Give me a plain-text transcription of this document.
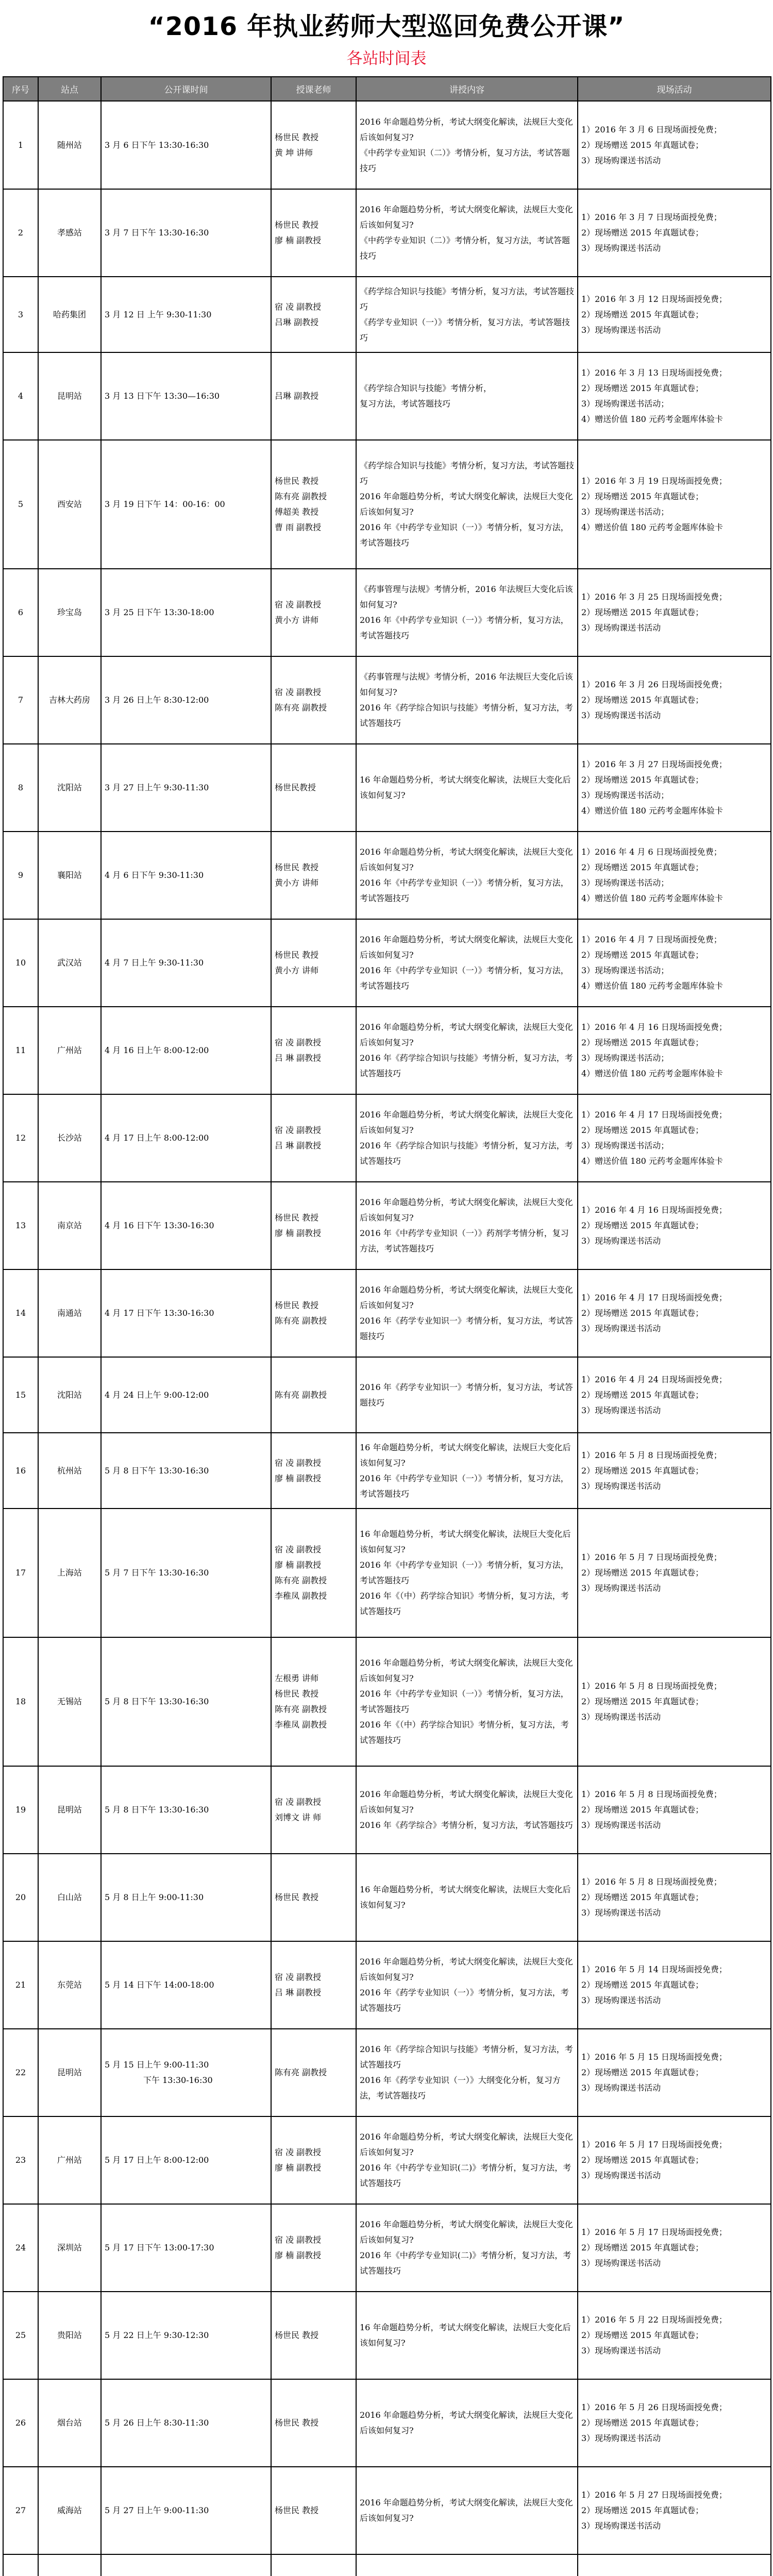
“2016 年执业药师大型巡回免费公开课”
各站时间表
序号	站点	公开课时间	授课老师	讲授内容	现场活动
1	随州站	3 月 6 日下午 13:30-16:30	杨世民 教授
黄 坤 讲师	2016 年命题趋势分析，考试大纲变化解读，法规巨大变化后该如何复习?
《中药学专业知识（二）》考情分析，复习方法，考试答题技巧	1）2016 年 3 月 6 日现场面授免费；
2）现场赠送 2015 年真题试卷；
3）现场购课送书活动

2	孝感站	3 月 7 日下午 13:30-16:30	杨世民 教授
廖 楠 副教授	2016 年命题趋势分析，考试大纲变化解读，法规巨大变化后该如何复习?
《中药学专业知识（二）》考情分析，复习方法，考试答题技巧	1）2016 年 3 月 7 日现场面授免费；
2）现场赠送 2015 年真题试卷；
3）现场购课送书活动

3	哈药集团	3 月 12 日 上午 9:30-11:30	宿 凌 副教授
吕琳 副教授	《药学综合知识与技能》考情分析，复习方法，考试答题技巧
《药学专业知识（一）》考情分析，复习方法，考试答题技巧	1）2016 年 3 月 12 日现场面授免费；
2）现场赠送 2015 年真题试卷；
3）现场购课送书活动

4	昆明站	3 月 13 日下午 13:30—16:30	吕琳 副教授	《药学综合知识与技能》考情分析，
复习方法，考试答题技巧	1）2016 年 3 月 13 日现场面授免费；
2）现场赠送 2015 年真题试卷；
3）现场购课送书活动；
4）赠送价值 180 元药考金题库体验卡

5	西安站	3 月 19 日下午 14：00-16：00	杨世民 教授
陈有亮 副教授
傅超美 教授
曹 雨 副教授	《药学综合知识与技能》考情分析，复习方法，考试答题技巧
2016 年命题趋势分析，考试大纲变化解读，法规巨大变化后该如何复习?
2016 年《中药学专业知识（一）》考情分析，复习方法，考试答题技巧	1）2016 年 3 月 19 日现场面授免费；
2）现场赠送 2015 年真题试卷；
3）现场购课送书活动；
4）赠送价值 180 元药考金题库体验卡

6	珍宝岛	3 月 25 日下午 13:30-18:00	宿 凌 副教授
黄小方 讲师	《药事管理与法规》考情分析，2016 年法规巨大变化后该如何复习?
2016 年《中药学专业知识（一）》考情分析，复习方法，考试答题技巧	1）2016 年 3 月 25 日现场面授免费；
2）现场赠送 2015 年真题试卷；
3）现场购课送书活动

7	吉林大药房	3 月 26 日上午 8:30-12:00	宿 凌 副教授
陈有亮 副教授	《药事管理与法规》考情分析，2016 年法规巨大变化后该如何复习?
2016 年《药学综合知识与技能》考情分析，复习方法，考试答题技巧	1）2016 年 3 月 26 日现场面授免费；
2）现场赠送 2015 年真题试卷；
3）现场购课送书活动

8	沈阳站	3 月 27 日上午 9:30-11:30	杨世民教授	16 年命题趋势分析，考试大纲变化解读，法规巨大变化后该如何复习?	1）2016 年 3 月 27 日现场面授免费；
2）现场赠送 2015 年真题试卷；
3）现场购课送书活动；
4）赠送价值 180 元药考金题库体验卡

9	襄阳站	4 月 6 日下午 9:30-11:30	杨世民 教授
黄小方 讲师	2016 年命题趋势分析，考试大纲变化解读，法规巨大变化后该如何复习?
2016 年《中药学专业知识（一）》考情分析，复习方法，考试答题技巧	1）2016 年 4 月 6 日现场面授免费；
2）现场赠送 2015 年真题试卷；
3）现场购课送书活动；
4）赠送价值 180 元药考金题库体验卡

10	武汉站	4 月 7 日上午 9:30-11:30	杨世民 教授
黄小方 讲师	2016 年命题趋势分析，考试大纲变化解读，法规巨大变化后该如何复习?
2016 年《中药学专业知识（一）》考情分析，复习方法，考试答题技巧	1）2016 年 4 月 7 日现场面授免费；
2）现场赠送 2015 年真题试卷；
3）现场购课送书活动；
4）赠送价值 180 元药考金题库体验卡

11	广州站	4 月 16 日上午 8:00-12:00	宿 凌 副教授
吕 琳 副教授	2016 年命题趋势分析，考试大纲变化解读，法规巨大变化后该如何复习?
2016 年《药学综合知识与技能》考情分析，复习方法，考试答题技巧	1）2016 年 4 月 16 日现场面授免费；
2）现场赠送 2015 年真题试卷；
3）现场购课送书活动；
4）赠送价值 180 元药考金题库体验卡

12	长沙站	4 月 17 日上午 8:00-12:00	宿 凌 副教授
吕 琳 副教授	2016 年命题趋势分析，考试大纲变化解读，法规巨大变化后该如何复习?
2016 年《药学综合知识与技能》考情分析，复习方法，考试答题技巧	1）2016 年 4 月 17 日现场面授免费；
2）现场赠送 2015 年真题试卷；
3）现场购课送书活动；
4）赠送价值 180 元药考金题库体验卡

13	南京站	4 月 16 日下午 13:30-16:30	杨世民 教授
廖 楠 副教授	2016 年命题趋势分析，考试大纲变化解读，法规巨大变化后该如何复习?
2016 年《中药学专业知识（一）》药剂学考情分析，复习方法，考试答题技巧	1）2016 年 4 月 16 日现场面授免费；
2）现场赠送 2015 年真题试卷；
3）现场购课送书活动

14	南通站	4 月 17 日下午 13:30-16:30	杨世民 教授
陈有亮 副教授	2016 年命题趋势分析，考试大纲变化解读，法规巨大变化后该如何复习?
2016 年《药学专业知识一》考情分析，复习方法，考试答题技巧	1）2016 年 4 月 17 日现场面授免费；
2）现场赠送 2015 年真题试卷；
3）现场购课送书活动

15	沈阳站	4 月 24 日上午 9:00-12:00	陈有亮 副教授	2016 年《药学专业知识一》考情分析，复习方法，考试答题技巧	1）2016 年 4 月 24 日现场面授免费；
2）现场赠送 2015 年真题试卷；
3）现场购课送书活动

16	杭州站	5 月 8 日下午 13:30-16:30	宿 凌 副教授
廖 楠 副教授	16 年命题趋势分析，考试大纲变化解读，法规巨大变化后该如何复习?
2016 年《中药学专业知识（一）》考情分析，复习方法，考试答题技巧	1）2016 年 5 月 8 日现场面授免费；
2）现场赠送 2015 年真题试卷；
3）现场购课送书活动

17	上海站	5 月 7 日下午 13:30-16:30	宿 凌 副教授
廖 楠 副教授
陈有亮 副教授
李稚凤 副教授	16 年命题趋势分析，考试大纲变化解读，法规巨大变化后该如何复习?
2016 年《中药学专业知识（一）》考情分析，复习方法，考试答题技巧
2016 年《（中）药学综合知识》考情分析，复习方法，考试答题技巧	1）2016 年 5 月 7 日现场面授免费；
2）现场赠送 2015 年真题试卷；
3）现场购课送书活动

18	无锡站	5 月 8 日下午 13:30-16:30	左根勇 讲师
杨世民 教授
陈有亮 副教授
李稚凤 副教授	2016 年命题趋势分析，考试大纲变化解读，法规巨大变化后该如何复习?
2016 年《中药学专业知识（一）》考情分析，复习方法，考试答题技巧
2016 年《（中）药学综合知识》考情分析，复习方法，考试答题技巧	1）2016 年 5 月 8 日现场面授免费；
2）现场赠送 2015 年真题试卷；
3）现场购课送书活动

19	昆明站	5 月 8 日下午 13:30-16:30	宿 凌 副教授
刘博文 讲 师	2016 年命题趋势分析，考试大纲变化解读，法规巨大变化后该如何复习?
2016 年《药学综合》考情分析，复习方法，考试答题技巧	1）2016 年 5 月 8 日现场面授免费；
2）现场赠送 2015 年真题试卷；
3）现场购课送书活动

20	白山站	5 月 8 日上午 9:00-11:30	杨世民 教授	16 年命题趋势分析，考试大纲变化解读，法规巨大变化后该如何复习?	1）2016 年 5 月 8 日现场面授免费；
2）现场赠送 2015 年真题试卷；
3）现场购课送书活动

21	东莞站	5 月 14 日下午 14:00-18:00	宿 凌 副教授
吕 琳 副教授	2016 年命题趋势分析，考试大纲变化解读，法规巨大变化后该如何复习?
2016 年《药学专业知识（一）》考情分析，复习方法，考试答题技巧	1）2016 年 5 月 14 日现场面授免费；
2）现场赠送 2015 年真题试卷；
3）现场购课送书活动

22	昆明站	5 月 15 日上午 9:00-11:30
下午 13:30-16:30	陈有亮 副教授	2016 年《药学综合知识与技能》考情分析，复习方法，考试答题技巧
2016 年《药学专业知识（一）》大纲变化分析，复习方法，考试答题技巧	1）2016 年 5 月 15 日现场面授免费；
2）现场赠送 2015 年真题试卷；
3）现场购课送书活动

23	广州站	5 月 17 日上午 8:00-12:00	宿 凌 副教授
廖 楠 副教授	2016 年命题趋势分析，考试大纲变化解读，法规巨大变化后该如何复习?
2016 年《中药学专业知识(二)》考情分析，复习方法，考试答题技巧	1）2016 年 5 月 17 日现场面授免费；
2）现场赠送 2015 年真题试卷；
3）现场购课送书活动

24	深圳站	5 月 17 日下午 13:00-17:30	宿 凌 副教授
廖 楠 副教授	2016 年命题趋势分析，考试大纲变化解读，法规巨大变化后该如何复习?
2016 年《中药学专业知识(二)》考情分析，复习方法，考试答题技巧	1）2016 年 5 月 17 日现场面授免费；
2）现场赠送 2015 年真题试卷；
3）现场购课送书活动

25	贵阳站	5 月 22 日上午 9:30-12:30	杨世民 教授	16 年命题趋势分析，考试大纲变化解读，法规巨大变化后该如何复习?	1）2016 年 5 月 22 日现场面授免费；
2）现场赠送 2015 年真题试卷；
3）现场购课送书活动

26	烟台站	5 月 26 日上午 8:30-11:30	杨世民 教授	2016 年命题趋势分析，考试大纲变化解读，法规巨大变化后该如何复习?	1）2016 年 5 月 26 日现场面授免费；
2）现场赠送 2015 年真题试卷；
3）现场购课送书活动

27	威海站	5 月 27 日上午 9:00-11:30	杨世民 教授	2016 年命题趋势分析，考试大纲变化解读，法规巨大变化后该如何复习?	1）2016 年 5 月 27 日现场面授免费；
2）现场赠送 2015 年真题试卷；
3）现场购课送书活动
